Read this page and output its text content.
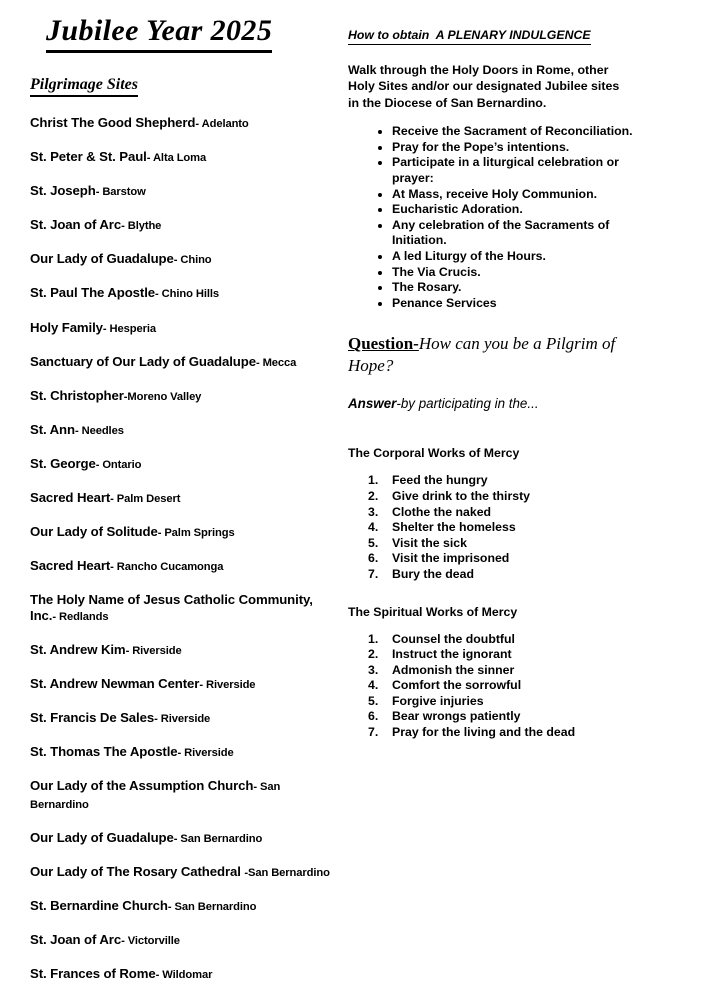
Jubilee Year 2025
Pilgrimage Sites
Christ The Good Shepherd- Adelanto
St. Peter & St. Paul- Alta Loma
St. Joseph- Barstow
St. Joan of Arc- Blythe
Our Lady of Guadalupe- Chino
St. Paul The Apostle- Chino Hills
Holy Family- Hesperia
Sanctuary of Our Lady of Guadalupe- Mecca
St. Christopher-Moreno Valley
St. Ann- Needles
St. George- Ontario
Sacred Heart- Palm Desert
Our Lady of Solitude- Palm Springs
Sacred Heart- Rancho Cucamonga
The Holy Name of Jesus Catholic Community, Inc.- Redlands
St. Andrew Kim- Riverside
St. Andrew Newman Center- Riverside
St. Francis De Sales- Riverside
St. Thomas The Apostle- Riverside
Our Lady of the Assumption Church- San Bernardino
Our Lady of Guadalupe- San Bernardino
Our Lady of The Rosary Cathedral -San Bernardino
St. Bernardine Church- San Bernardino
St. Joan of Arc- Victorville
St. Frances of Rome- Wildomar
How to obtain  A PLENARY INDULGENCE
Walk through the Holy Doors in Rome, other Holy Sites and/or our designated Jubilee sites in the Diocese of San Bernardino.
Receive the Sacrament of Reconciliation.
Pray for the Pope’s intentions.
Participate in a liturgical celebration or prayer:
At Mass, receive Holy Communion.
Eucharistic Adoration.
Any celebration of the Sacraments of Initiation.
A led Liturgy of the Hours.
The Via Crucis.
The Rosary.
Penance Services
Question-How can you be a Pilgrim of Hope?
Answer-by participating in the...
The Corporal Works of Mercy
Feed the hungry
Give drink to the thirsty
Clothe the naked
Shelter the homeless
Visit the sick
Visit the imprisoned
Bury the dead
The Spiritual Works of Mercy
Counsel the doubtful
Instruct the ignorant
Admonish the sinner
Comfort the sorrowful
Forgive injuries
Bear wrongs patiently
Pray for the living and the dead
